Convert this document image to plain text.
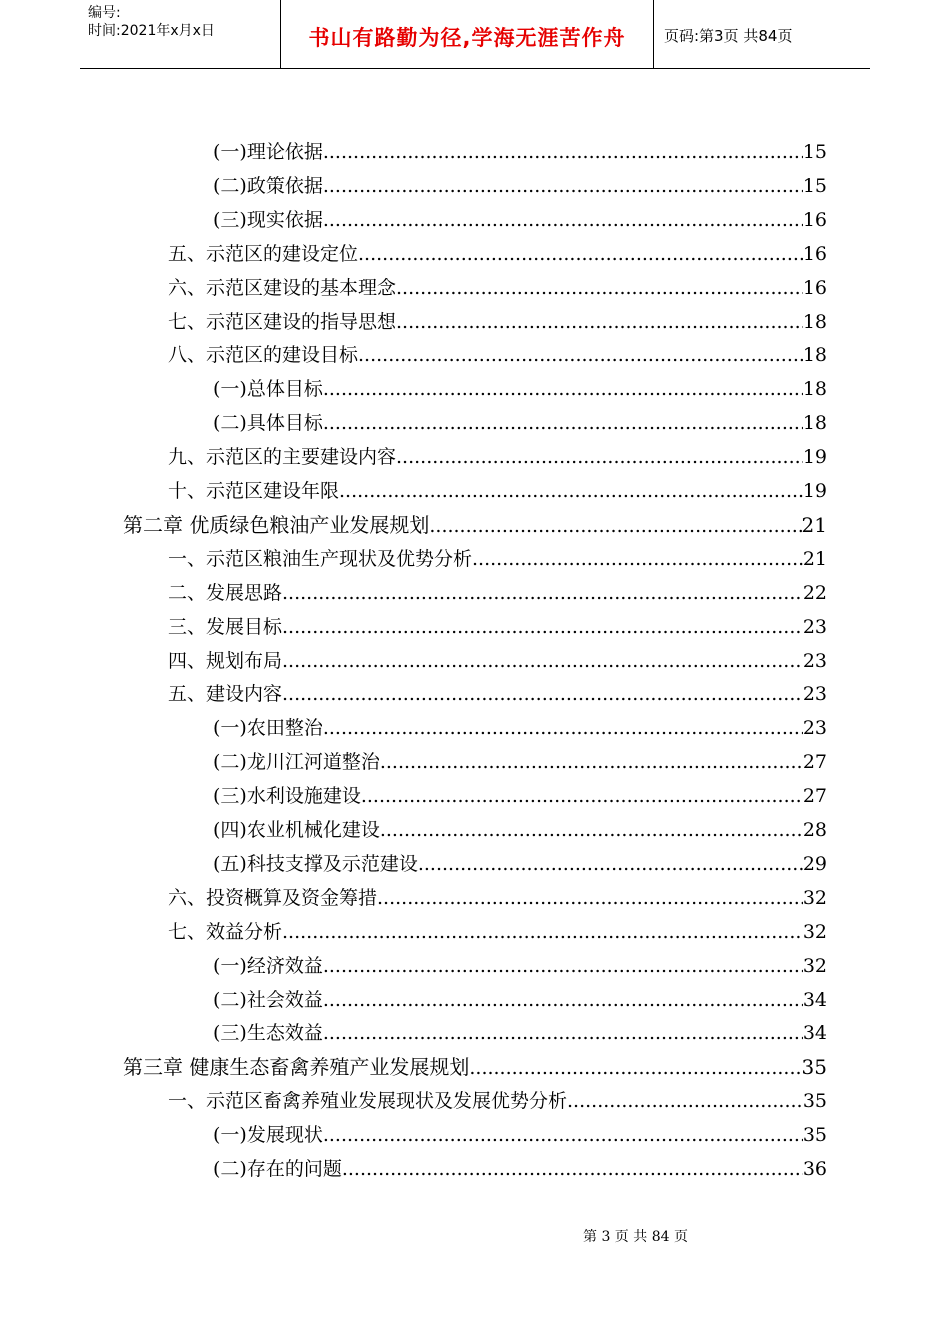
编号:
时间:2021年x月x日	书山有路勤为径,学海无涯苦作舟	页码:第3页 共84页
(一)理论依据 .....	15
(二)政策依据 .....	15
(三)现实依据 .....	16
五、示范区的建设定位 .....	16
六、示范区建设的基本理念 .....	16
七、示范区建设的指导思想 .....	18
八、示范区的建设目标 .....	18
(一)总体目标 .....	18
(二)具体目标 .....	18
九、示范区的主要建设内容 .....	19
十、示范区建设年限 .....	19
第二章 优质绿色粮油产业发展规划 .....	21
一、示范区粮油生产现状及优势分析 .....	21
二、发展思路 .....	22
三、发展目标 .....	23
四、规划布局 .....	23
五、建设内容 .....	23
(一)农田整治 .....	23
(二)龙川江河道整治 .....	27
(三)水利设施建设 .....	27
(四)农业机械化建设 .....	28
(五)科技支撑及示范建设 .....	29
六、投资概算及资金筹措 .....	32
七、效益分析 .....	32
(一)经济效益 .....	32
(二)社会效益 .....	34
(三)生态效益 .....	34
第三章 健康生态畜禽养殖产业发展规划 .....	35
一、示范区畜禽养殖业发展现状及发展优势分析 .....	35
(一)发展现状 .....	35
(二)存在的问题 .....	36
第 3 页 共 84 页
